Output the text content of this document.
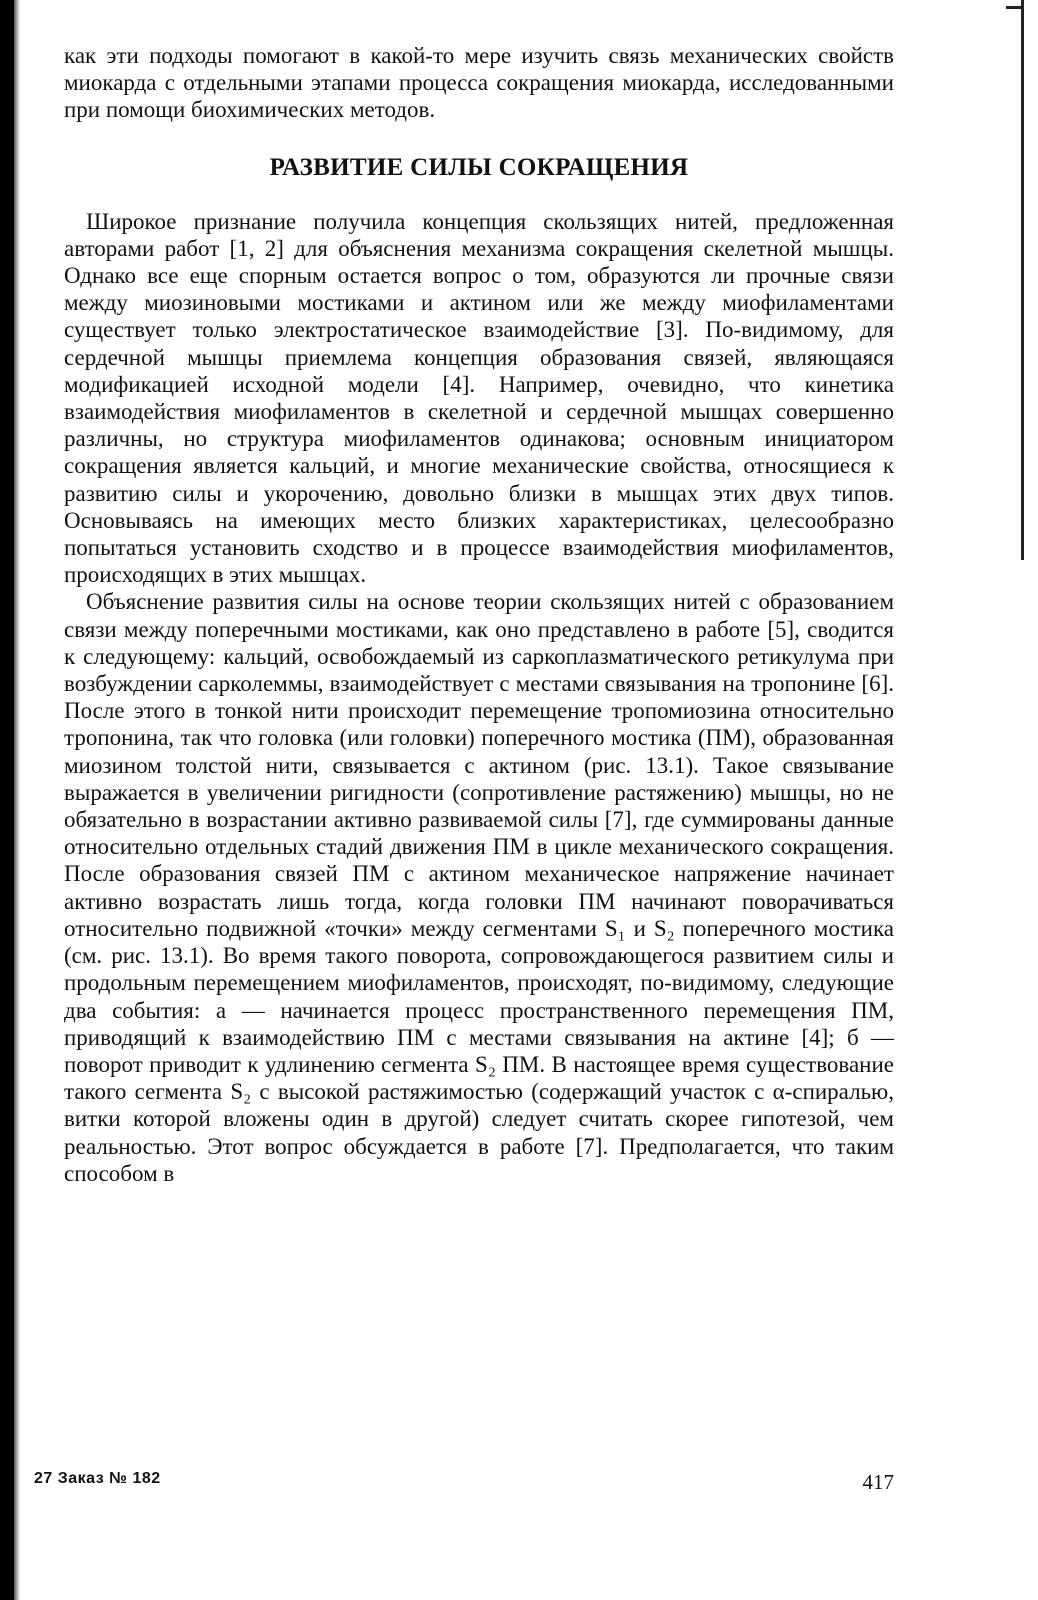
как эти подходы помогают в какой-то мере изучить связь механических свойств миокарда с отдельными этапами процесса сокращения миокарда, исследованными при помощи биохимических методов.

РАЗВИТИЕ СИЛЫ СОКРАЩЕНИЯ

Широкое признание получила концепция скользящих нитей, предложенная авторами работ [1, 2] для объяснения механизма сокращения скелетной мышцы. Однако все еще спорным остается вопрос о том, образуются ли прочные связи между миозиновыми мостиками и актином или же между миофиламентами существует только электростатическое взаимодействие [3]. По-видимому, для сердечной мышцы приемлема концепция образования связей, являющаяся модификацией исходной модели [4]. Например, очевидно, что кинетика взаимодействия миофиламентов в скелетной и сердечной мышцах совершенно различны, но структура миофиламентов одинакова; основным инициатором сокращения является кальций, и многие механические свойства, относящиеся к развитию силы и укорочению, довольно близки в мышцах этих двух типов. Основываясь на имеющих место близких характеристиках, целесообразно попытаться установить сходство и в процессе взаимодействия миофиламентов, происходящих в этих мышцах.

Объяснение развития силы на основе теории скользящих нитей с образованием связи между поперечными мостиками, как оно представлено в работе [5], сводится к следующему: кальций, освобождаемый из саркоплазматического ретикулума при возбуждении сарколеммы, взаимодействует с местами связывания на тропонине [6]. После этого в тонкой нити происходит перемещение тропомиозина относительно тропонина, так что головка (или головки) поперечного мостика (ПМ), образованная миозином толстой нити, связывается с актином (рис. 13.1). Такое связывание выражается в увеличении ригидности (сопротивление растяжению) мышцы, но не обязательно в возрастании активно развиваемой силы [7], где суммированы данные относительно отдельных стадий движения ПМ в цикле механического сокращения. После образования связей ПМ с актином механическое напряжение начинает активно возрастать лишь тогда, когда головки ПМ начинают поворачиваться относительно подвижной «точки» между сегментами S₁ и S₂ поперечного мостика (см. рис. 13.1). Во время такого поворота, сопровождающегося развитием силы и продольным перемещением миофиламентов, происходят, по-видимому, следующие два события: а — начинается процесс пространственного перемещения ПМ, приводящий к взаимодействию ПМ с местами связывания на актине [4]; б — поворот приводит к удлинению сегмента S₂ ПМ. В настоящее время существование такого сегмента S₂ с высокой растяжимостью (содержащий участок с α-спиралью, витки которой вложены один в другой) следует считать скорее гипотезой, чем реальностью. Этот вопрос обсуждается в работе [7]. Предполагается, что таким способом в

27 Заказ № 182	417
